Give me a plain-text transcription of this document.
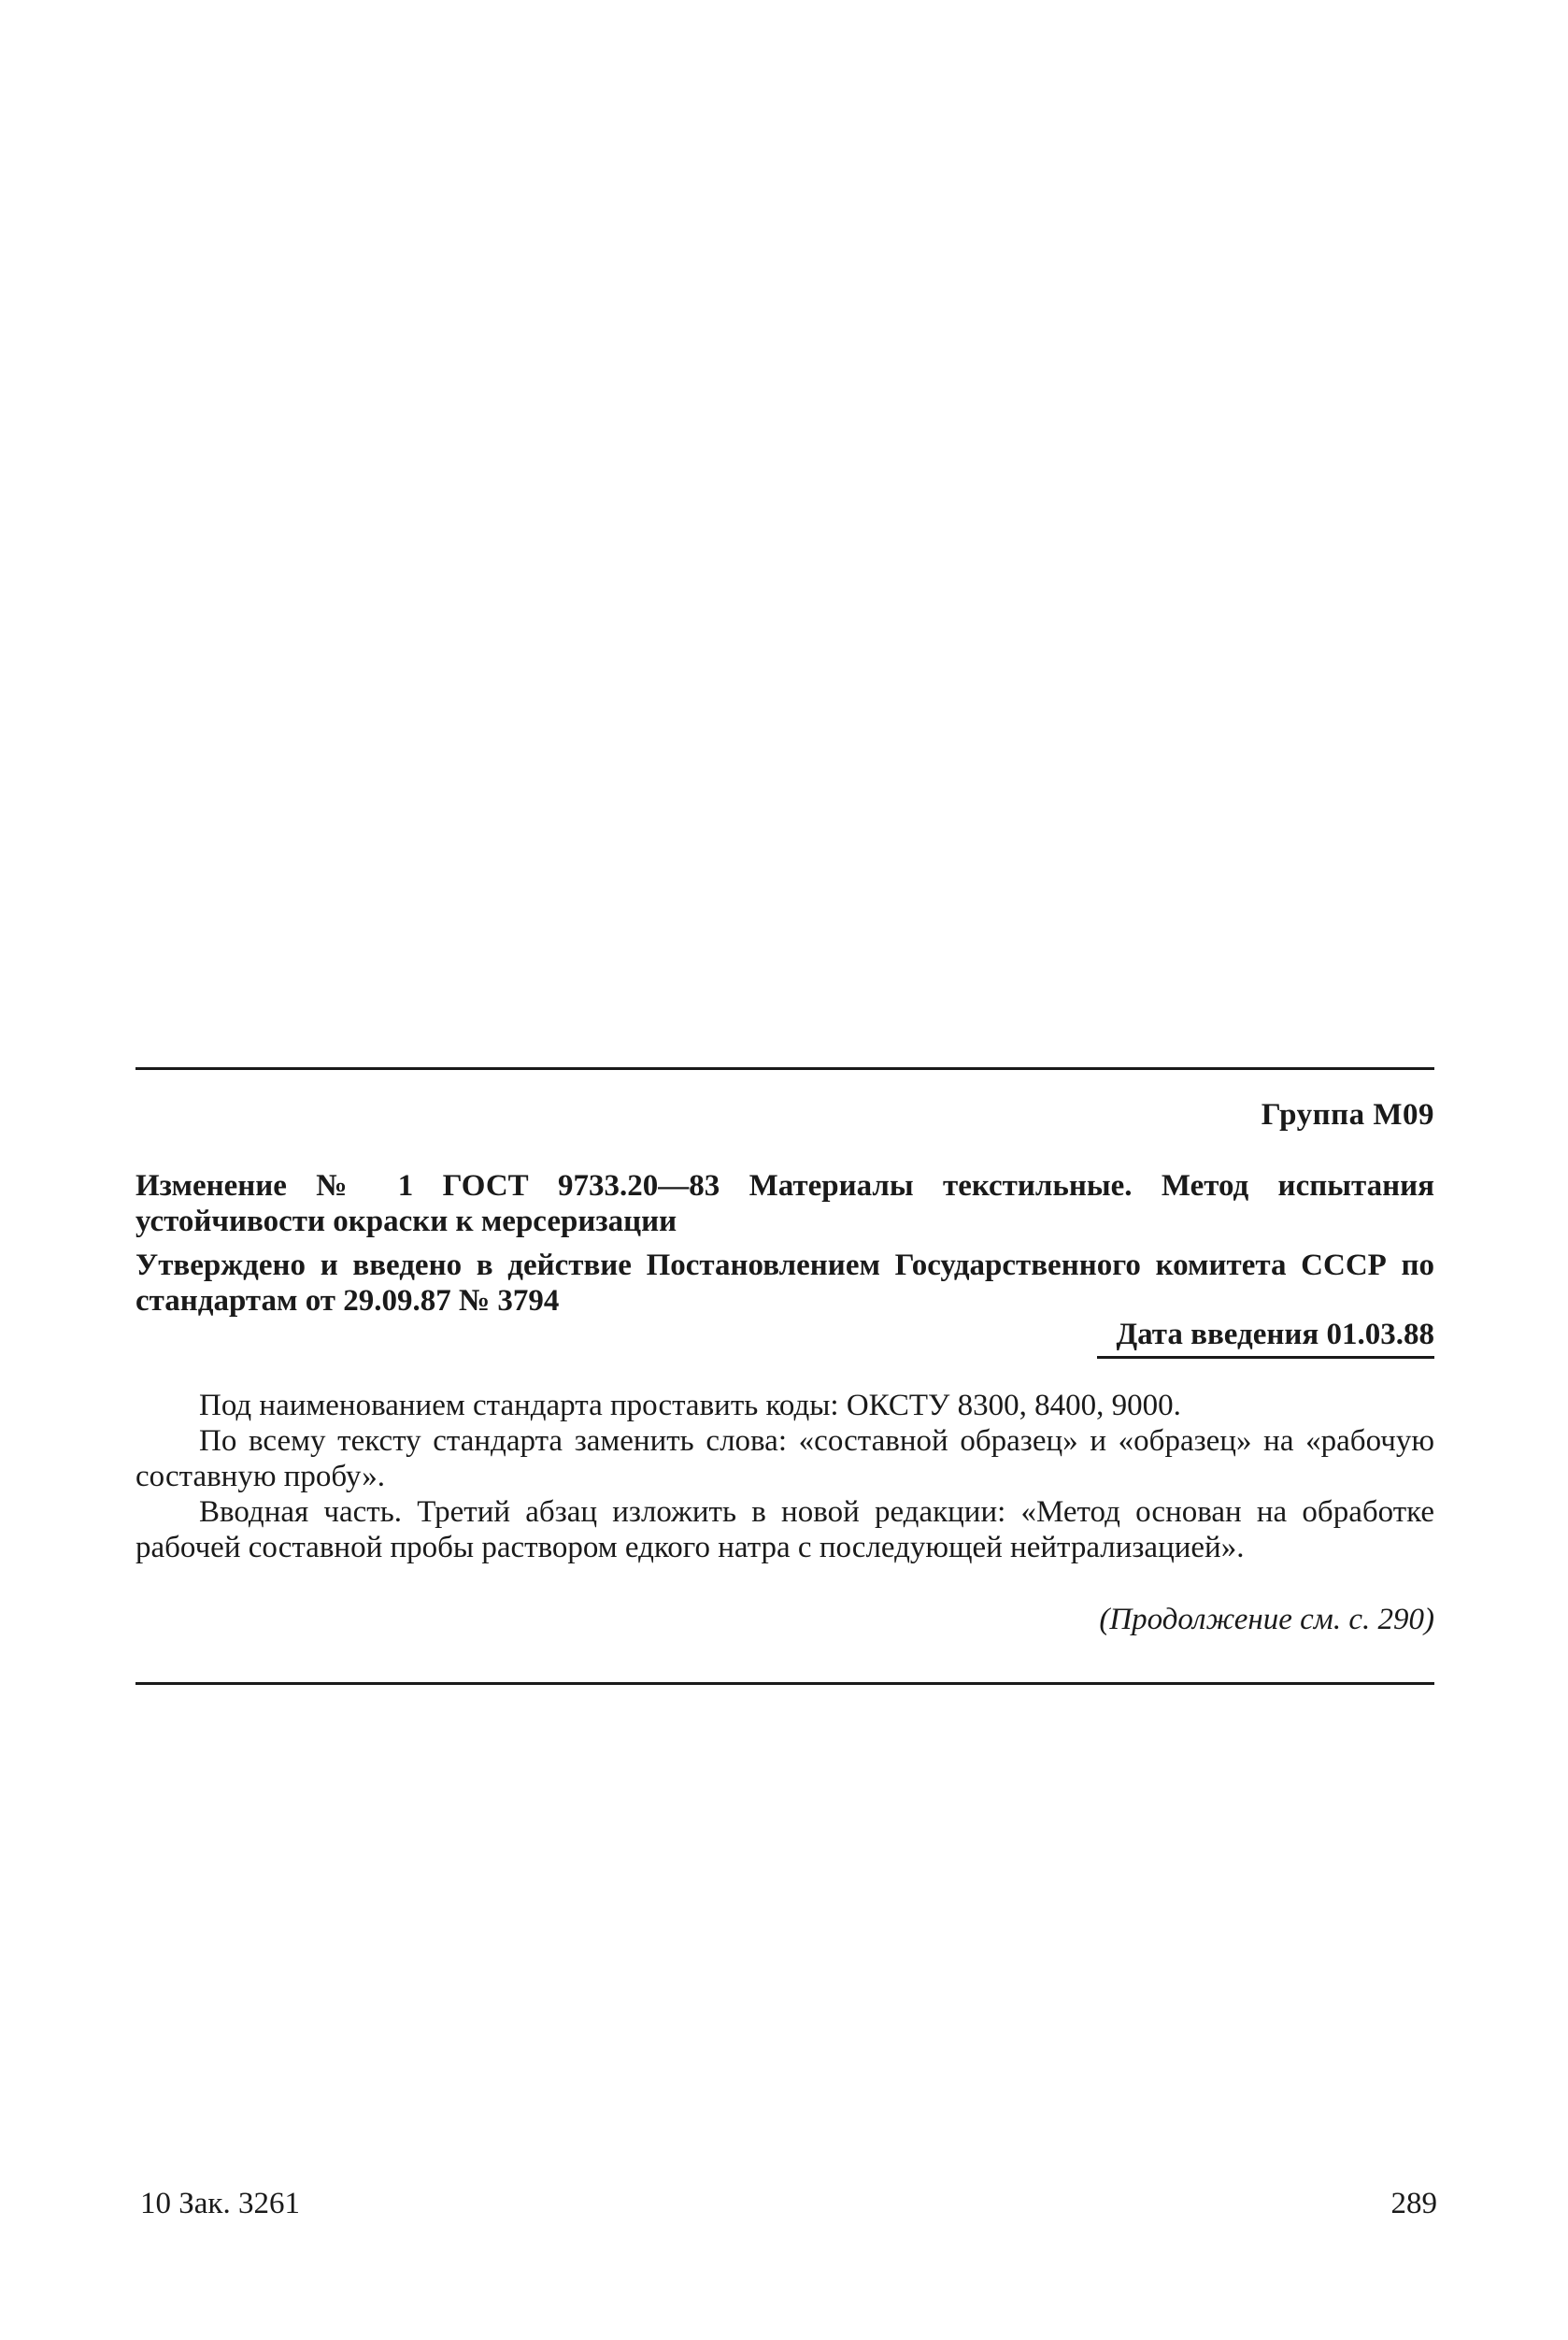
Группа М09
Изменение № 1 ГОСТ 9733.20—83 Материалы текстильные. Метод испытания устойчивости окраски к мерсеризации
Утверждено и введено в действие Постановлением Государственного комитета СССР по стандартам от 29.09.87 № 3794
Дата введения 01.03.88

Под наименованием стандарта проставить коды: ОКСТУ 8300, 8400, 9000.

По всему тексту стандарта заменить слова: «составной образец» и «образец» на «рабочую составную пробу».

Вводная часть. Третий абзац изложить в новой редакции: «Метод основан на обработке рабочей составной пробы раствором едкого натра с последующей нейтрализацией».

(Продолжение см. с. 290)
10 Зак. 3261	289
